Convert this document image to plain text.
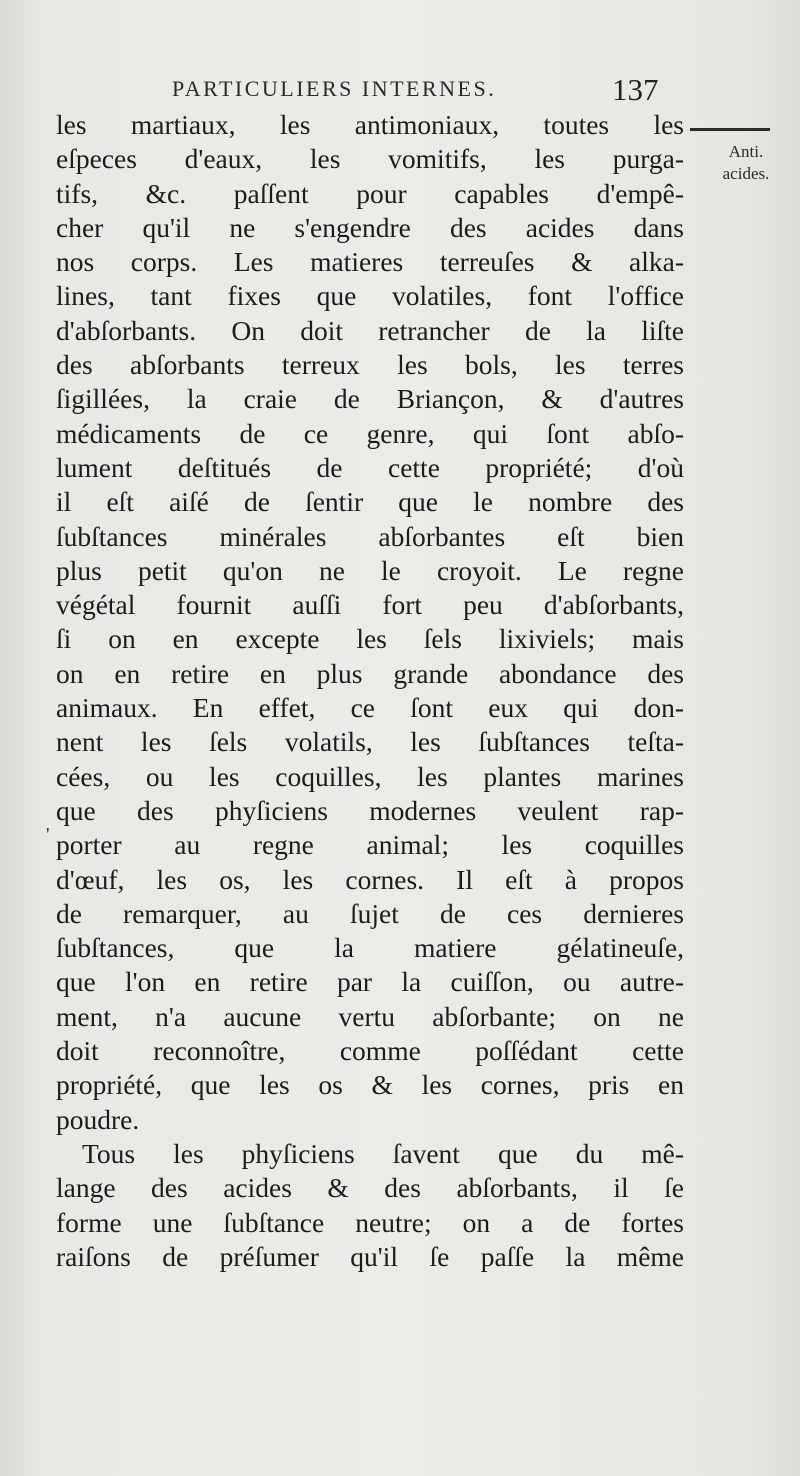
PARTICULIERS INTERNES.	137
Anti.
acides.
'
les martiaux, les antimoniaux, toutes les
eſpeces d'eaux, les vomitifs, les purga-
tifs, &c. paſſent pour capables d'empê-
cher qu'il ne s'engendre des acides dans
nos corps. Les matieres terreuſes & alka-
lines, tant fixes que volatiles, font l'office
d'abſorbants. On doit retrancher de la liſte
des abſorbants terreux les bols, les terres
ſigillées, la craie de Briançon, & d'autres
médicaments de ce genre, qui ſont abſo-
lument deſtitués de cette propriété; d'où
il eſt aiſé de ſentir que le nombre des
ſubſtances minérales abſorbantes eſt bien
plus petit qu'on ne le croyoit. Le regne
végétal fournit auſſi fort peu d'abſorbants,
ſi on en excepte les ſels lixiviels; mais
on en retire en plus grande abondance des
animaux. En effet, ce ſont eux qui don-
nent les ſels volatils, les ſubſtances teſta-
cées, ou les coquilles, les plantes marines
que des phyſiciens modernes veulent rap-
porter au regne animal; les coquilles
d'œuf, les os, les cornes. Il eſt à propos
de remarquer, au ſujet de ces dernieres
ſubſtances, que la matiere gélatineuſe,
que l'on en retire par la cuiſſon, ou autre-
ment, n'a aucune vertu abſorbante; on ne
doit reconnoître, comme poſſédant cette
propriété, que les os & les cornes, pris en
poudre.
Tous les phyſiciens ſavent que du mê-
lange des acides & des abſorbants, il ſe
forme une ſubſtance neutre; on a de fortes
raiſons de préſumer qu'il ſe paſſe la même
